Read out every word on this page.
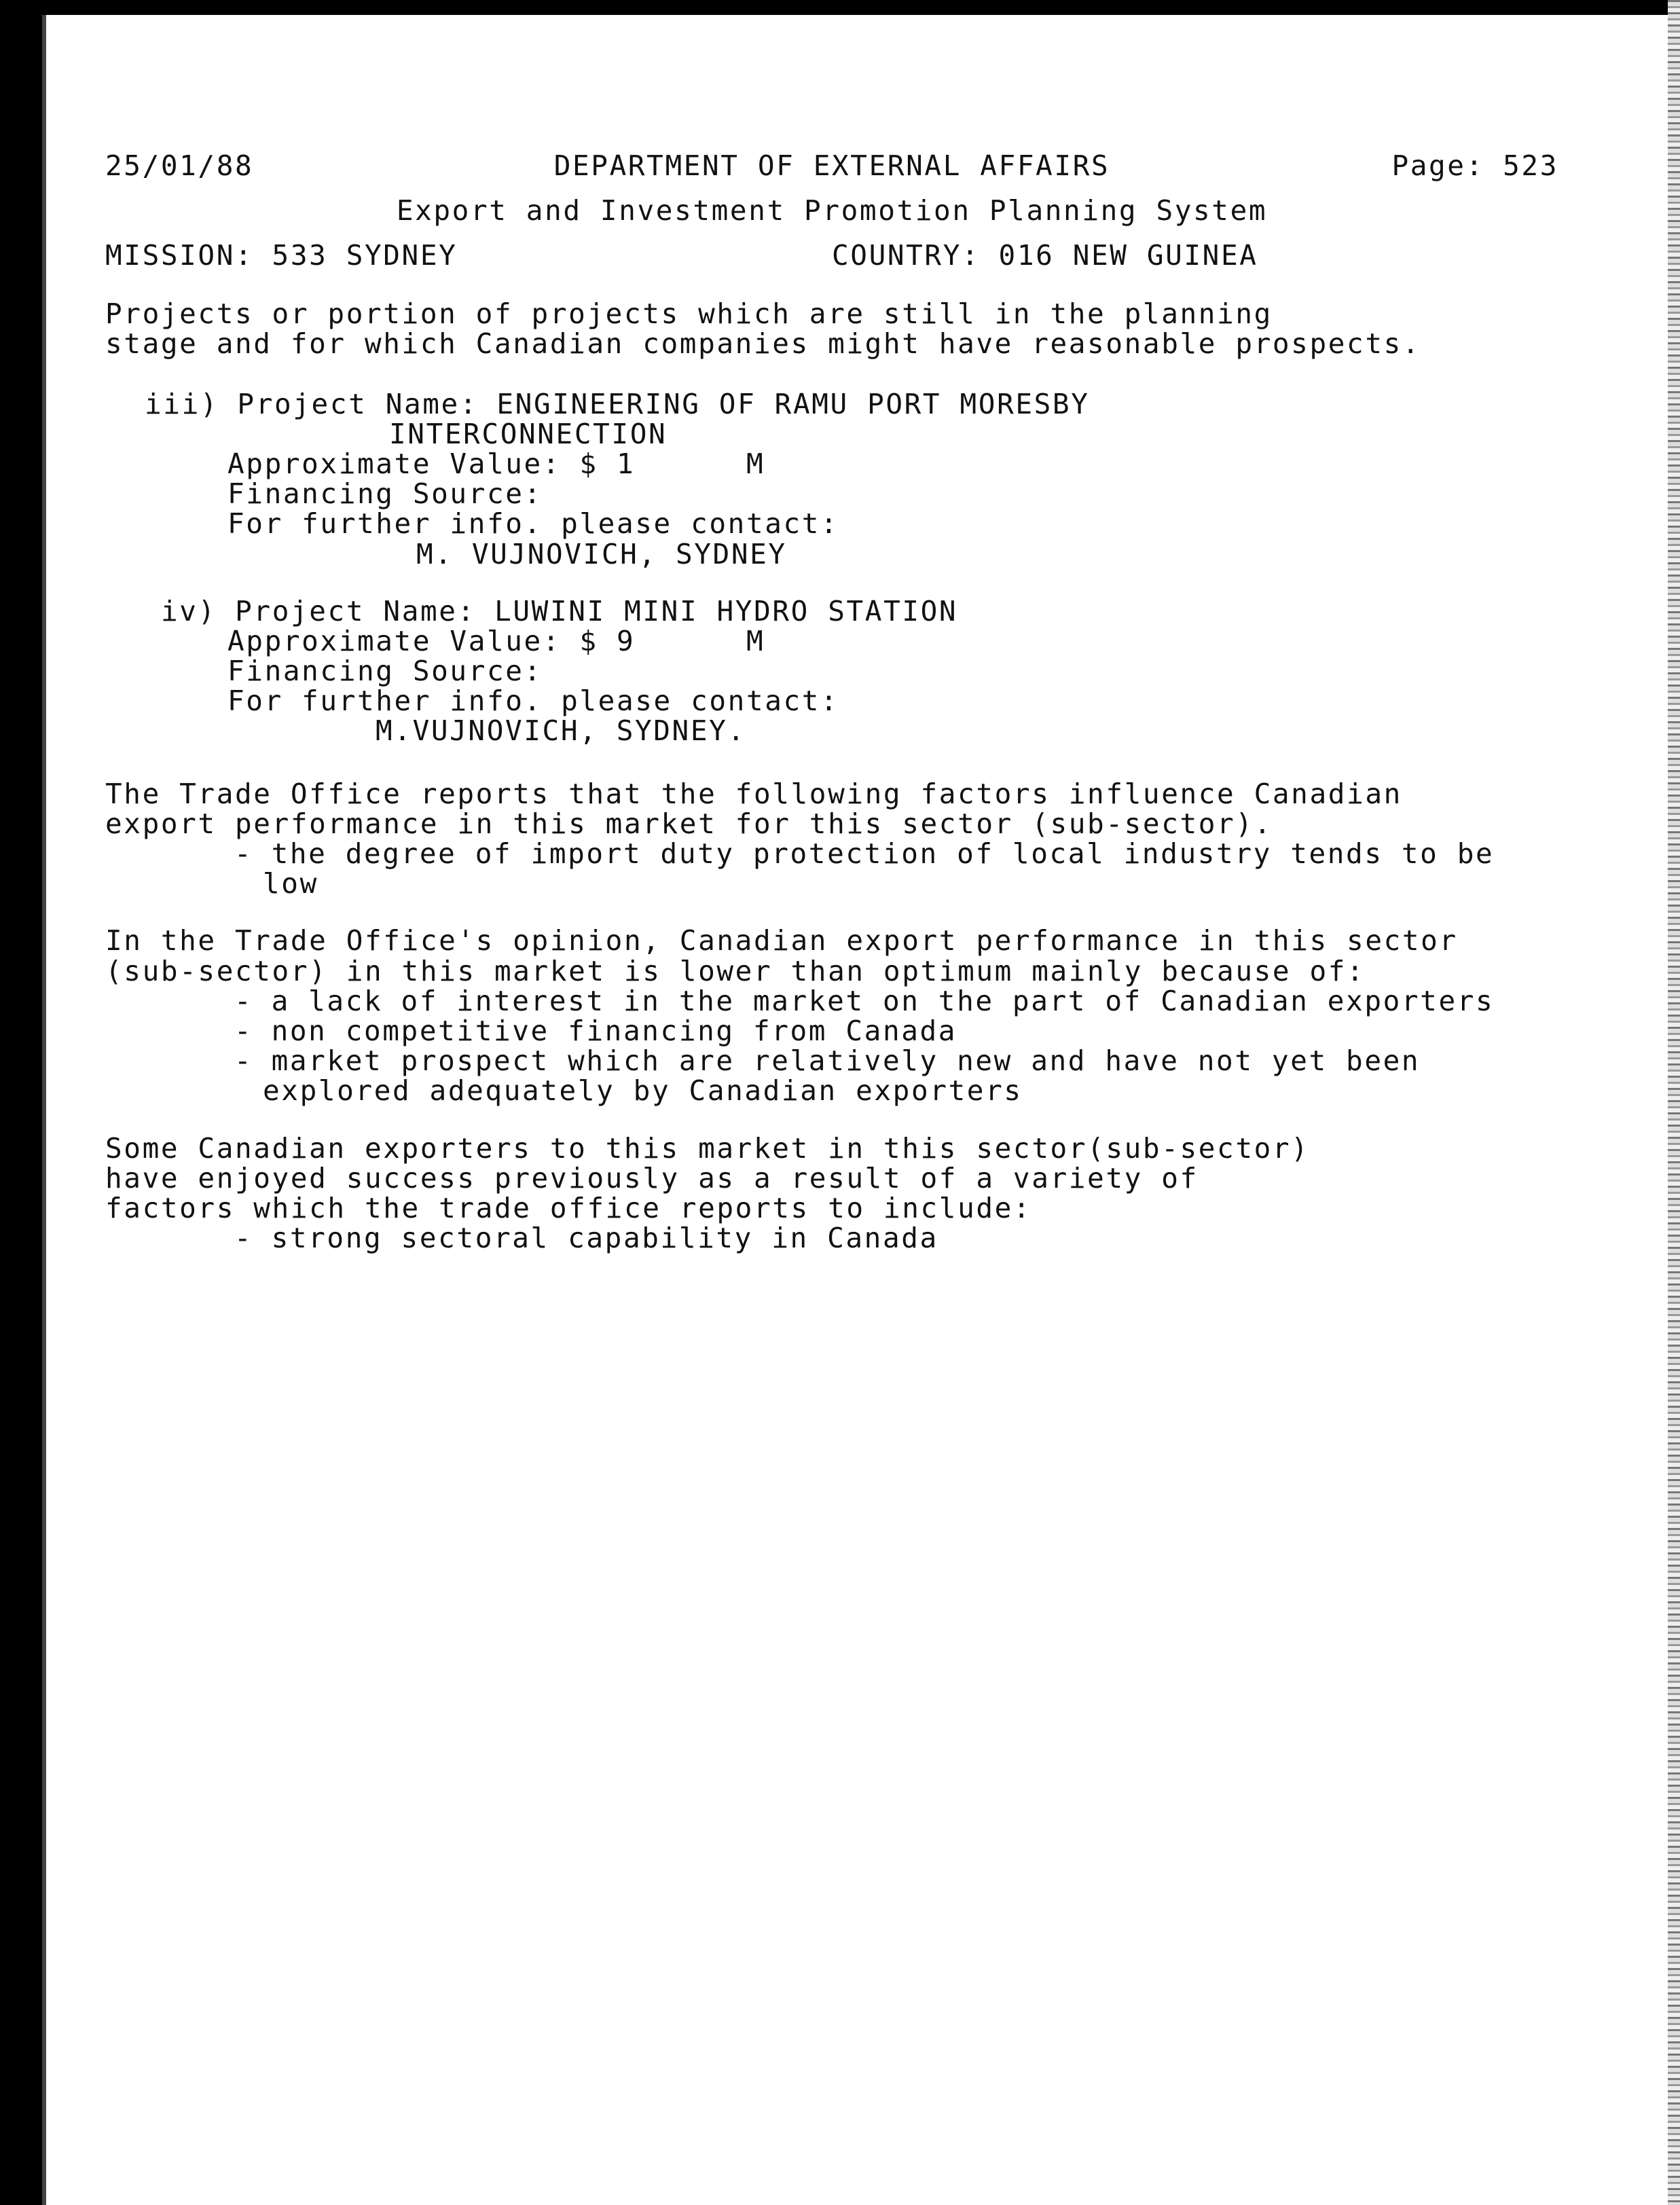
25/01/88

	DEPARTMENT OF EXTERNAL AFFAIRS

	Page: 523

Export and Investment Promotion Planning System

MISSION: 533 SYDNEY

	COUNTRY: 016 NEW GUINEA

Projects or portion of projects which are still in the planning
stage and for which Canadian companies might have reasonable prospects.
iii) Project Name: ENGINEERING OF RAMU PORT MORESBY
INTERCONNECTION
Approximate Value: $ 1      M
Financing Source:
For further info. please contact:
M. VUJNOVICH, SYDNEY
iv) Project Name: LUWINI MINI HYDRO STATION
Approximate Value: $ 9      M
Financing Source:
For further info. please contact:
M.VUJNOVICH, SYDNEY.
The Trade Office reports that the following factors influence Canadian
export performance in this market for this sector (sub-sector).
- the degree of import duty protection of local industry tends to be
low
In the Trade Office's opinion, Canadian export performance in this sector
(sub-sector) in this market is lower than optimum mainly because of:
- a lack of interest in the market on the part of Canadian exporters
- non competitive financing from Canada
- market prospect which are relatively new and have not yet been
explored adequately by Canadian exporters
Some Canadian exporters to this market in this sector(sub-sector)
have enjoyed success previously as a result of a variety of
factors which the trade office reports to include:
- strong sectoral capability in Canada
